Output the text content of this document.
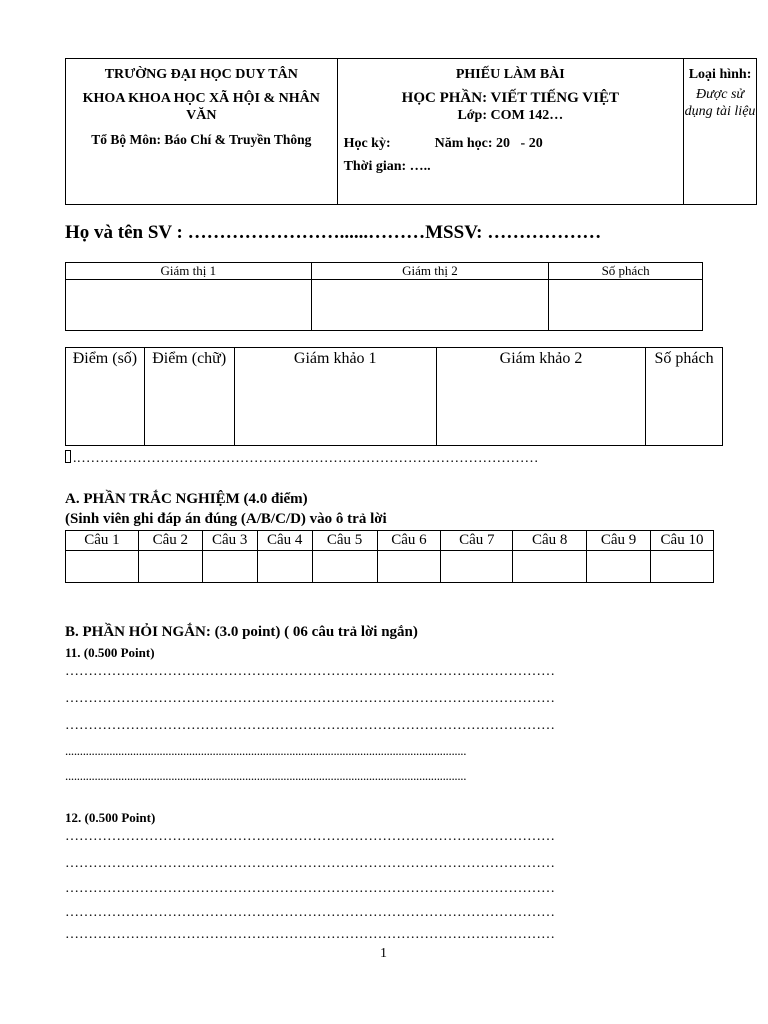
TRƯỜNG ĐẠI HỌC DUY TÂN

KHOA KHOA HỌC XÃ HỘI & NHÂN VĂN

Tổ Bộ Môn: Báo Chí & Truyền Thông

PHIẾU LÀM BÀI

HỌC PHẦN: VIẾT TIẾNG VIỆT

Lớp: COM 142…

Học kỳ:	Năm học: 20   - 20

Thời gian: …..

Loại hình:

Được sử dụng tài liệu

Họ và tên SV : ……………………......………MSSV: ………………
Giám thị 1	Giám thị 2	Số phách

Điểm (số)	Điểm (chữ)	Giám khảo 1	Giám khảo 2	Số phách
.………………………………………………………………………………………
A. PHẦN TRẮC NGHIỆM (4.0 điểm)
(Sinh viên ghi đáp án đúng (A/B/C/D) vào ô trả lời
Câu 1	Câu 2	Câu 3	Câu 4	Câu 5	Câu 6	Câu 7	Câu 8	Câu 9	Câu 10

B. PHẦN HỎI NGẮN: (3.0 point) ( 06 câu trả lời ngắn)
11. (0.500 Point)
……………………………………………………………………………………………
……………………………………………………………………………………………
……………………………………………………………………………………………
........................................................................................................................................
........................................................................................................................................
12. (0.500 Point)
……………………………………………………………………………………………
……………………………………………………………………………………………
……………………………………………………………………………………………
……………………………………………………………………………………………
……………………………………………………………………………………………
1
